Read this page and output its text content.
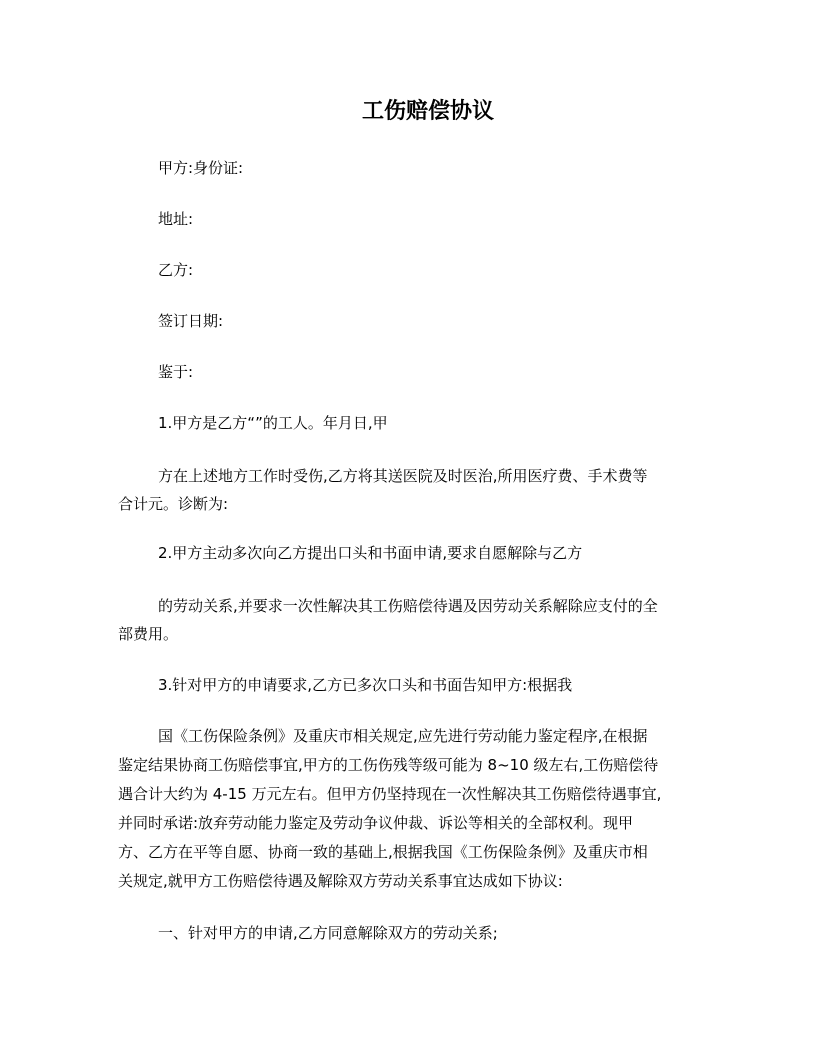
工伤赔偿协议
甲方:身份证:
地址:
乙方:
签订日期:
鉴于:
1.甲方是乙方“”的工人。年月日,甲
方在上述地方工作时受伤,乙方将其送医院及时医治,所用医疗费、手术费等
合计元。诊断为:
2.甲方主动多次向乙方提出口头和书面申请,要求自愿解除与乙方
的劳动关系,并要求一次性解决其工伤赔偿待遇及因劳动关系解除应支付的全
部费用。
3.针对甲方的申请要求,乙方已多次口头和书面告知甲方:根据我
国《工伤保险条例》及重庆市相关规定,应先进行劳动能力鉴定程序,在根据
鉴定结果协商工伤赔偿事宜,甲方的工伤伤残等级可能为 8~10 级左右,工伤赔偿待
遇合计大约为 4-15 万元左右。但甲方仍坚持现在一次性解决其工伤赔偿待遇事宜,
并同时承诺:放弃劳动能力鉴定及劳动争议仲裁、诉讼等相关的全部权利。现甲
方、乙方在平等自愿、协商一致的基础上,根据我国《工伤保险条例》及重庆市相
关规定,就甲方工伤赔偿待遇及解除双方劳动关系事宜达成如下协议:
一、针对甲方的申请,乙方同意解除双方的劳动关系;
